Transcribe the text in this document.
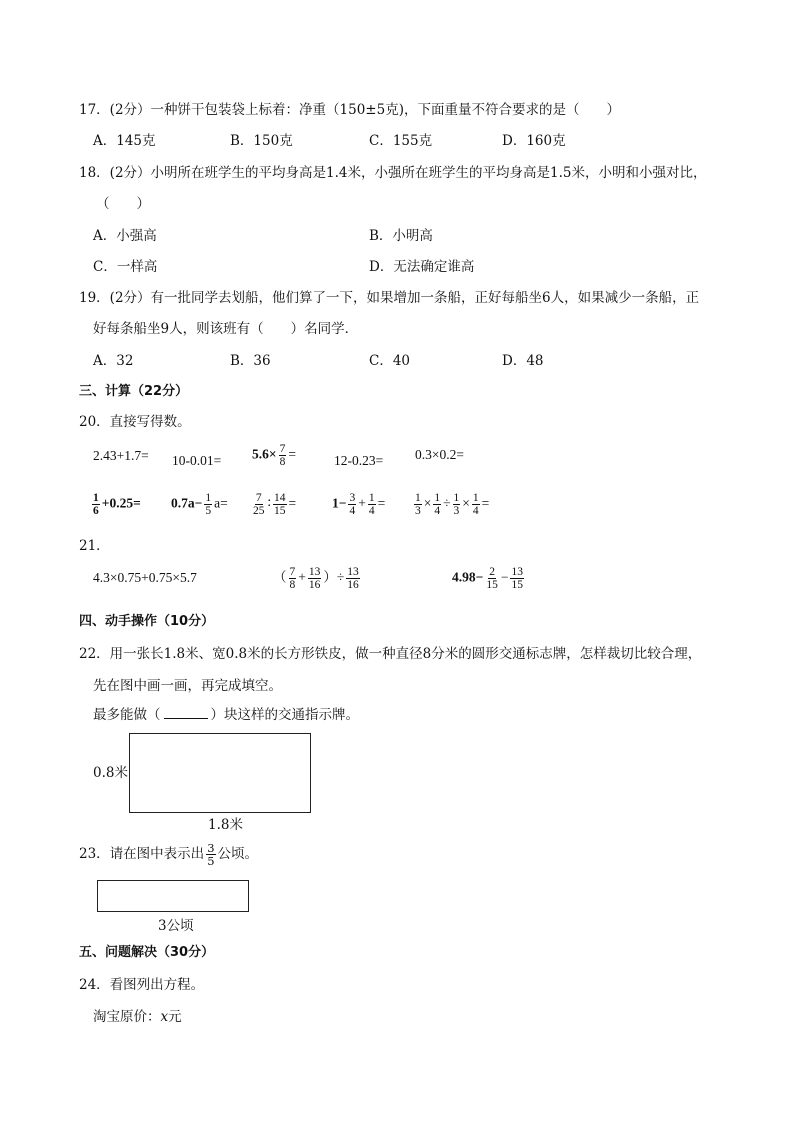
17．(2分）一种饼干包装袋上标着：净重（150±5克)，下面重量不符合要求的是（　　）
A．145克	B．150克	C．155克	D．160克
18．(2分）小明所在班学生的平均身高是1.4米，小强所在班学生的平均身高是1.5米，小明和小强对比，
（　　）
A．小强高	B．小明高
C．一样高	D．无法确定谁高
19．(2分）有一批同学去划船，他们算了一下，如果增加一条船，正好每船坐6人，如果减少一条船，正
好每条船坐9人，则该班有（　　）名同学．
A．32	B．36	C．40	D．48
三、计算（22分）
20．直接写得数。
$2.43+1.7= 10-0.01= 5.6\times \frac{7}{8}$ =	12-0.23= 0.3×0.2=
$\frac{1}{6} +0.25= 0.7a- \frac{1}{5} a= \frac{7}{25}$ ∶ $\frac{14}{15}$ =	$1- \frac{3}{4} + \frac{1}{4}$ =	$\frac{1}{3} \times \frac{1}{4} \div \frac{1}{3} \times \frac{1}{4}$ =
21．
4.3×0.75+0.75×5.7	（ $\frac{7}{8} + \frac{13}{16}$ ）÷ $\frac{13}{16}$	$4.98- \frac{2}{15} - \frac{13}{15}$
四、动手操作（10分）
22．用一张长1.8米、宽0.8米的长方形铁皮，做一种直径8分米的圆形交通标志牌，怎样裁切比较合理，
先在图中画一画，再完成填空。
最多能做（	）块这样的交通指示牌。
0.8米
1.8米
23．请在图中表示出 $\frac{3}{5}$ 公顷。
3公顷
五、问题解决（30分）
24．看图列出方程。
淘宝原价：x元
